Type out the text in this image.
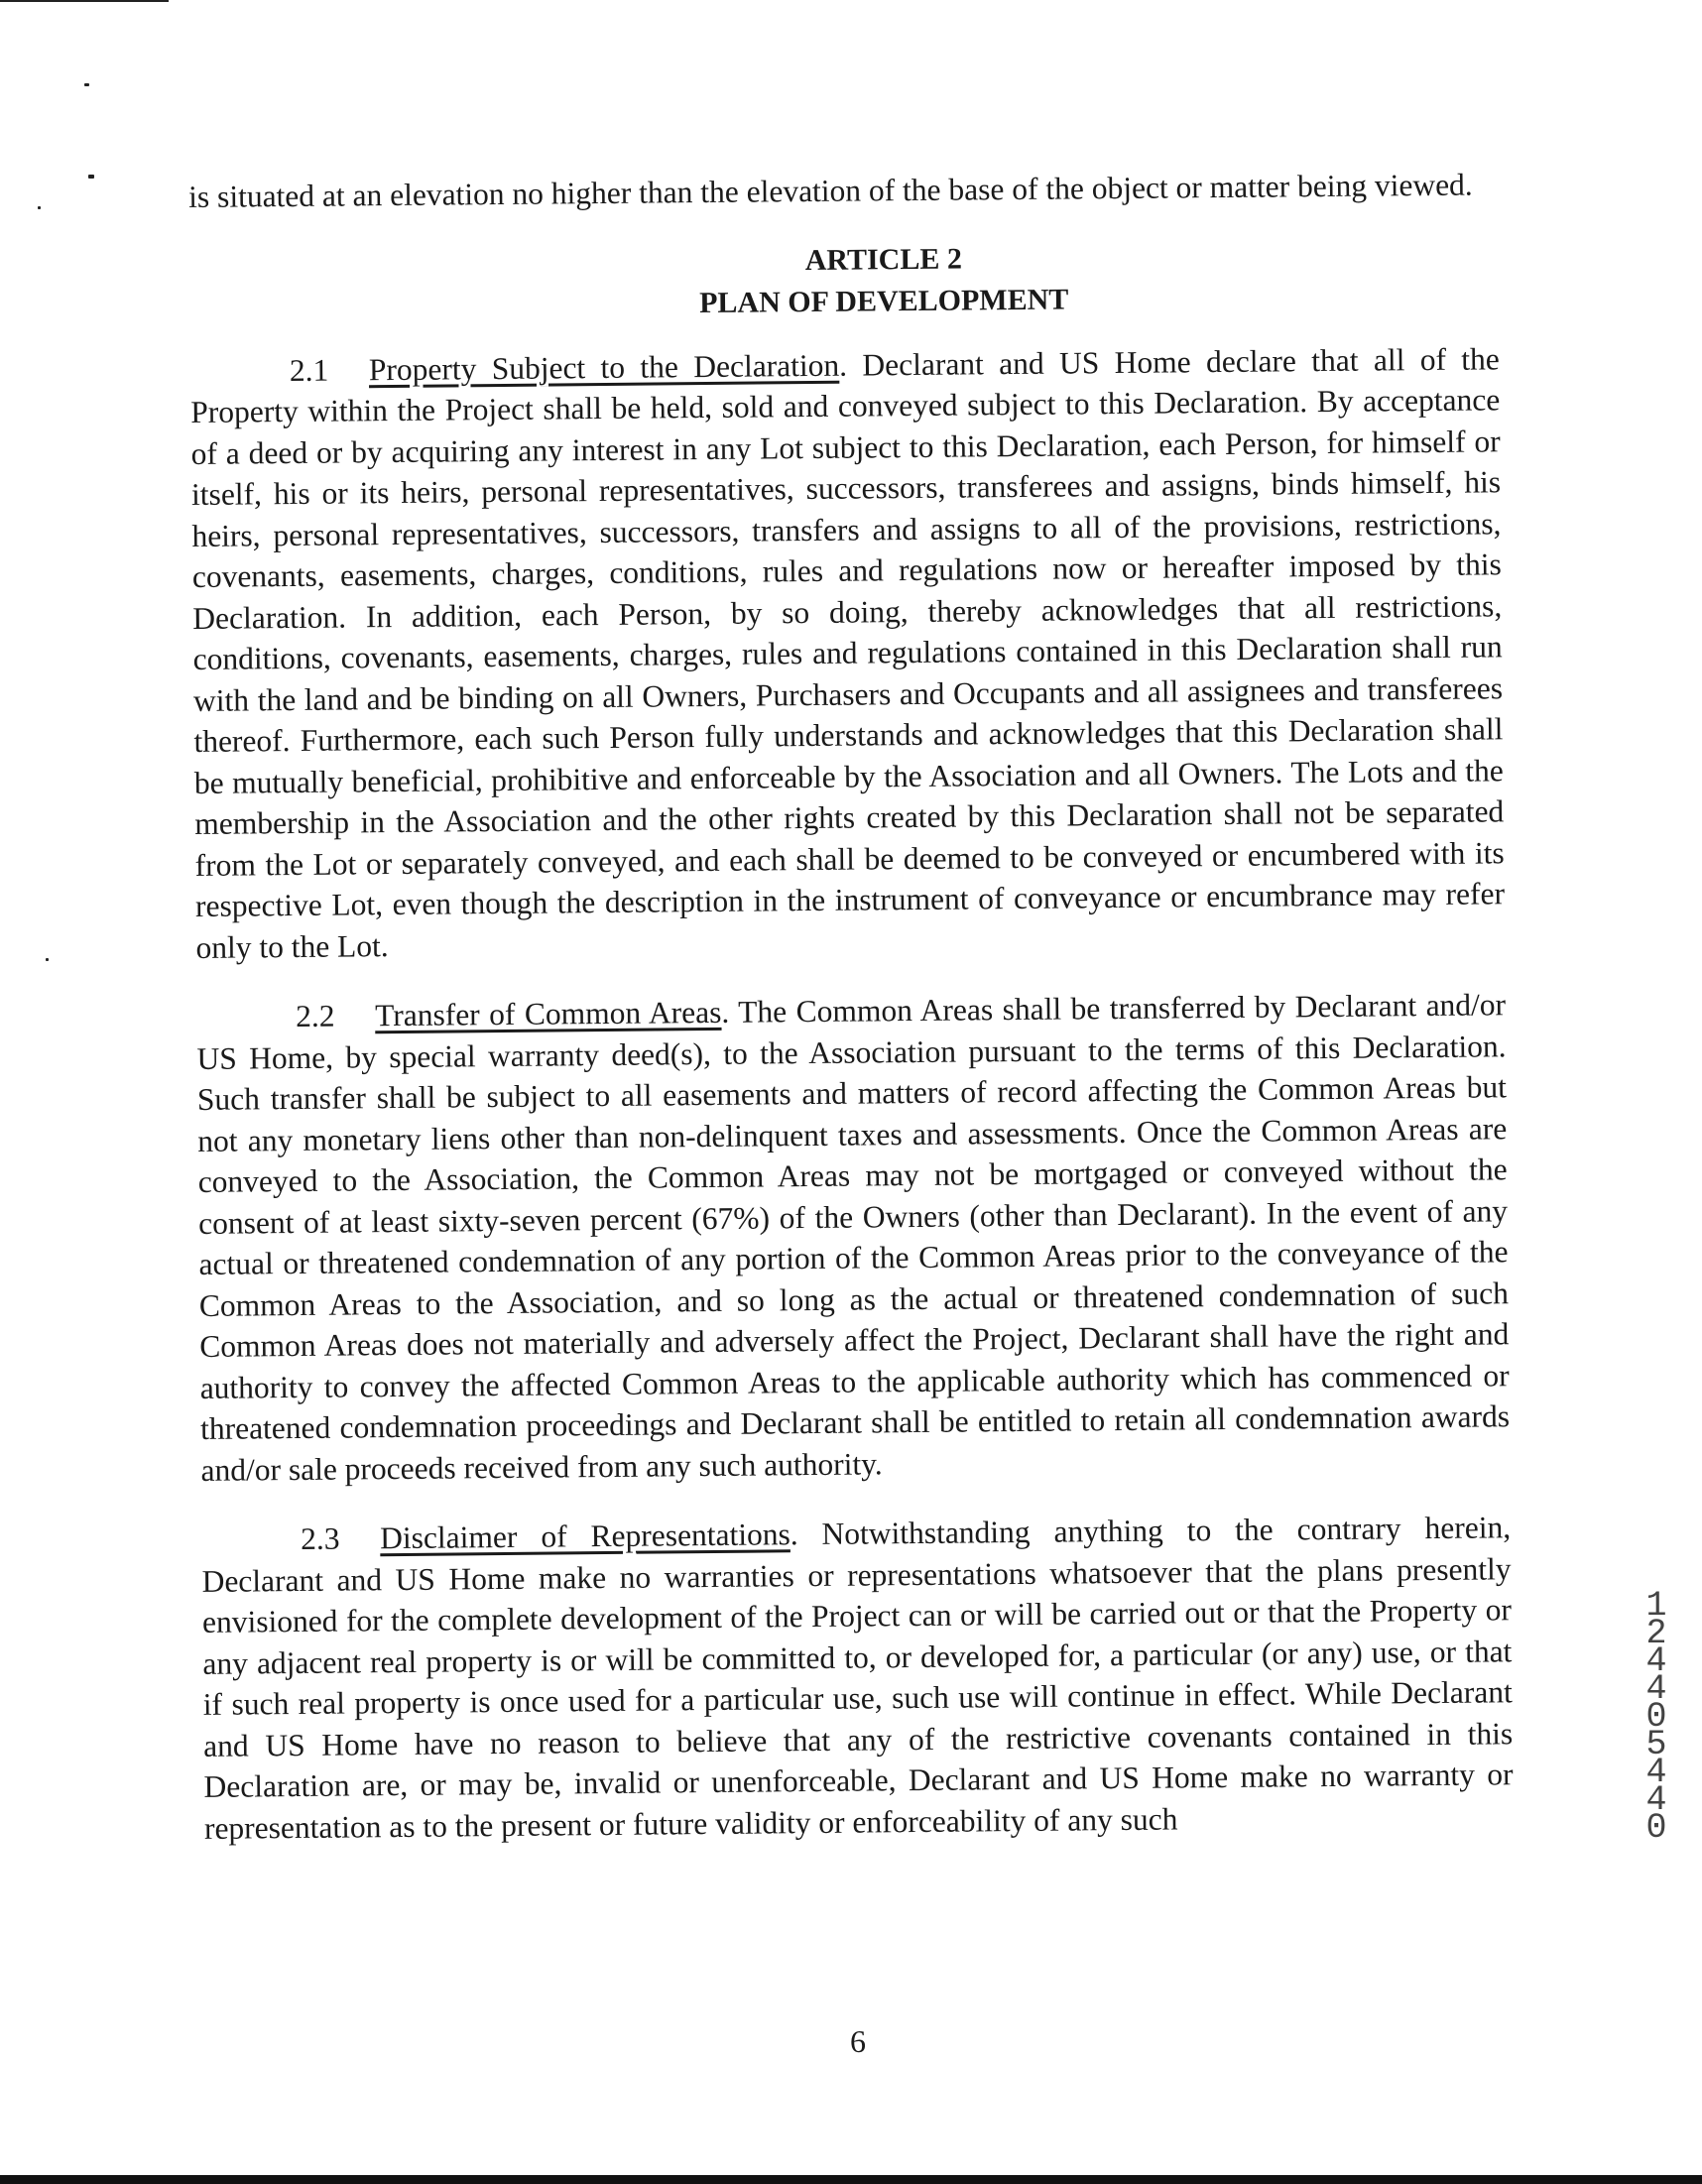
is situated at an elevation no higher than the elevation of the base of the object or matter being viewed.

ARTICLE 2
PLAN OF DEVELOPMENT

2.1 Property Subject to the Declaration. Declarant and US Home declare that all of the Property within the Project shall be held, sold and conveyed subject to this Declaration. By acceptance of a deed or by acquiring any interest in any Lot subject to this Declaration, each Person, for himself or itself, his or its heirs, personal representatives, successors, transferees and assigns, binds himself, his heirs, personal representatives, successors, transfers and assigns to all of the provisions, restrictions, covenants, easements, charges, conditions, rules and regulations now or hereafter imposed by this Declaration. In addition, each Person, by so doing, thereby acknowledges that all restrictions, conditions, covenants, easements, charges, rules and regulations contained in this Declaration shall run with the land and be binding on all Owners, Purchasers and Occupants and all assignees and transferees thereof. Furthermore, each such Person fully understands and acknowledges that this Declaration shall be mutually beneficial, prohibitive and enforceable by the Association and all Owners. The Lots and the membership in the Association and the other rights created by this Declaration shall not be separated from the Lot or separately conveyed, and each shall be deemed to be conveyed or encumbered with its respective Lot, even though the description in the instrument of conveyance or encumbrance may refer only to the Lot.

2.2 Transfer of Common Areas. The Common Areas shall be transferred by Declarant and/or US Home, by special warranty deed(s), to the Association pursuant to the terms of this Declaration. Such transfer shall be subject to all easements and matters of record affecting the Common Areas but not any monetary liens other than non-delinquent taxes and assessments. Once the Common Areas are conveyed to the Association, the Common Areas may not be mortgaged or conveyed without the consent of at least sixty-seven percent (67%) of the Owners (other than Declarant). In the event of any actual or threatened condemnation of any portion of the Common Areas prior to the conveyance of the Common Areas to the Association, and so long as the actual or threatened condemnation of such Common Areas does not materially and adversely affect the Project, Declarant shall have the right and authority to convey the affected Common Areas to the applicable authority which has commenced or threatened condemnation proceedings and Declarant shall be entitled to retain all condemnation awards and/or sale proceeds received from any such authority.

2.3 Disclaimer of Representations. Notwithstanding anything to the contrary herein, Declarant and US Home make no warranties or representations whatsoever that the plans presently envisioned for the complete development of the Project can or will be carried out or that the Property or any adjacent real property is or will be committed to, or developed for, a particular (or any) use, or that if such real property is once used for a particular use, such use will continue in effect. While Declarant and US Home have no reason to believe that any of the restrictive covenants contained in this Declaration are, or may be, invalid or unenforceable, Declarant and US Home make no warranty or representation as to the present or future validity or enforceability of any such

6
1244 05440
